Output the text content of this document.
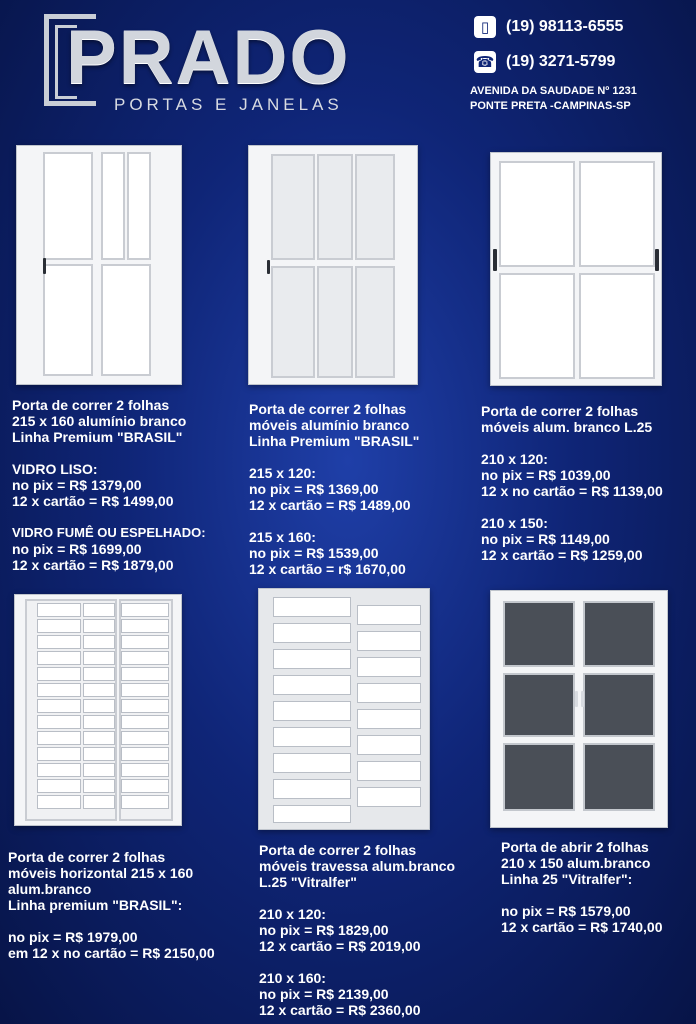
PRADO
PORTAS E JANELAS
▯	(19) 98113-6555
☎ (19) 3271-5799
AVENIDA DA SAUDADE Nº 1231
PONTE PRETA -CAMPINAS-SP
Porta de correr 2 folhas
215 x 160 alumínio branco
Linha Premium "BRASIL"
VIDRO LISO:
no pix = R$ 1379,00
12 x cartão = R$ 1499,00
VIDRO FUMÊ OU ESPELHADO:
no pix = R$ 1699,00
12 x cartão = R$ 1879,00
Porta de correr 2 folhas
móveis alumínio branco
Linha Premium "BRASIL"
215 x 120:
no pix = R$ 1369,00
12 x cartão = R$ 1489,00
215 x 160:
no pix = R$ 1539,00
12 x cartão = r$ 1670,00
Porta de correr 2 folhas
móveis alum. branco L.25
210 x 120:
no pix = R$ 1039,00
12 x no cartão = R$ 1139,00
210 x 150:
no pix = R$ 1149,00
12 x cartão = R$ 1259,00
Porta de correr 2 folhas
móveis horizontal 215 x 160
alum.branco
Linha premium "BRASIL":
no pix = R$ 1979,00
em 12 x no cartão = R$ 2150,00
Porta de correr 2 folhas
móveis travessa alum.branco
L.25 "Vitralfer"
210 x 120:
no pix = R$ 1829,00
12 x cartão = R$ 2019,00
210 x 160:
no pix = R$ 2139,00
12 x cartão = R$ 2360,00
Porta de abrir 2 folhas
210 x 150 alum.branco
Linha 25 "Vitralfer":
no pix = R$ 1579,00
12 x cartão = R$ 1740,00
